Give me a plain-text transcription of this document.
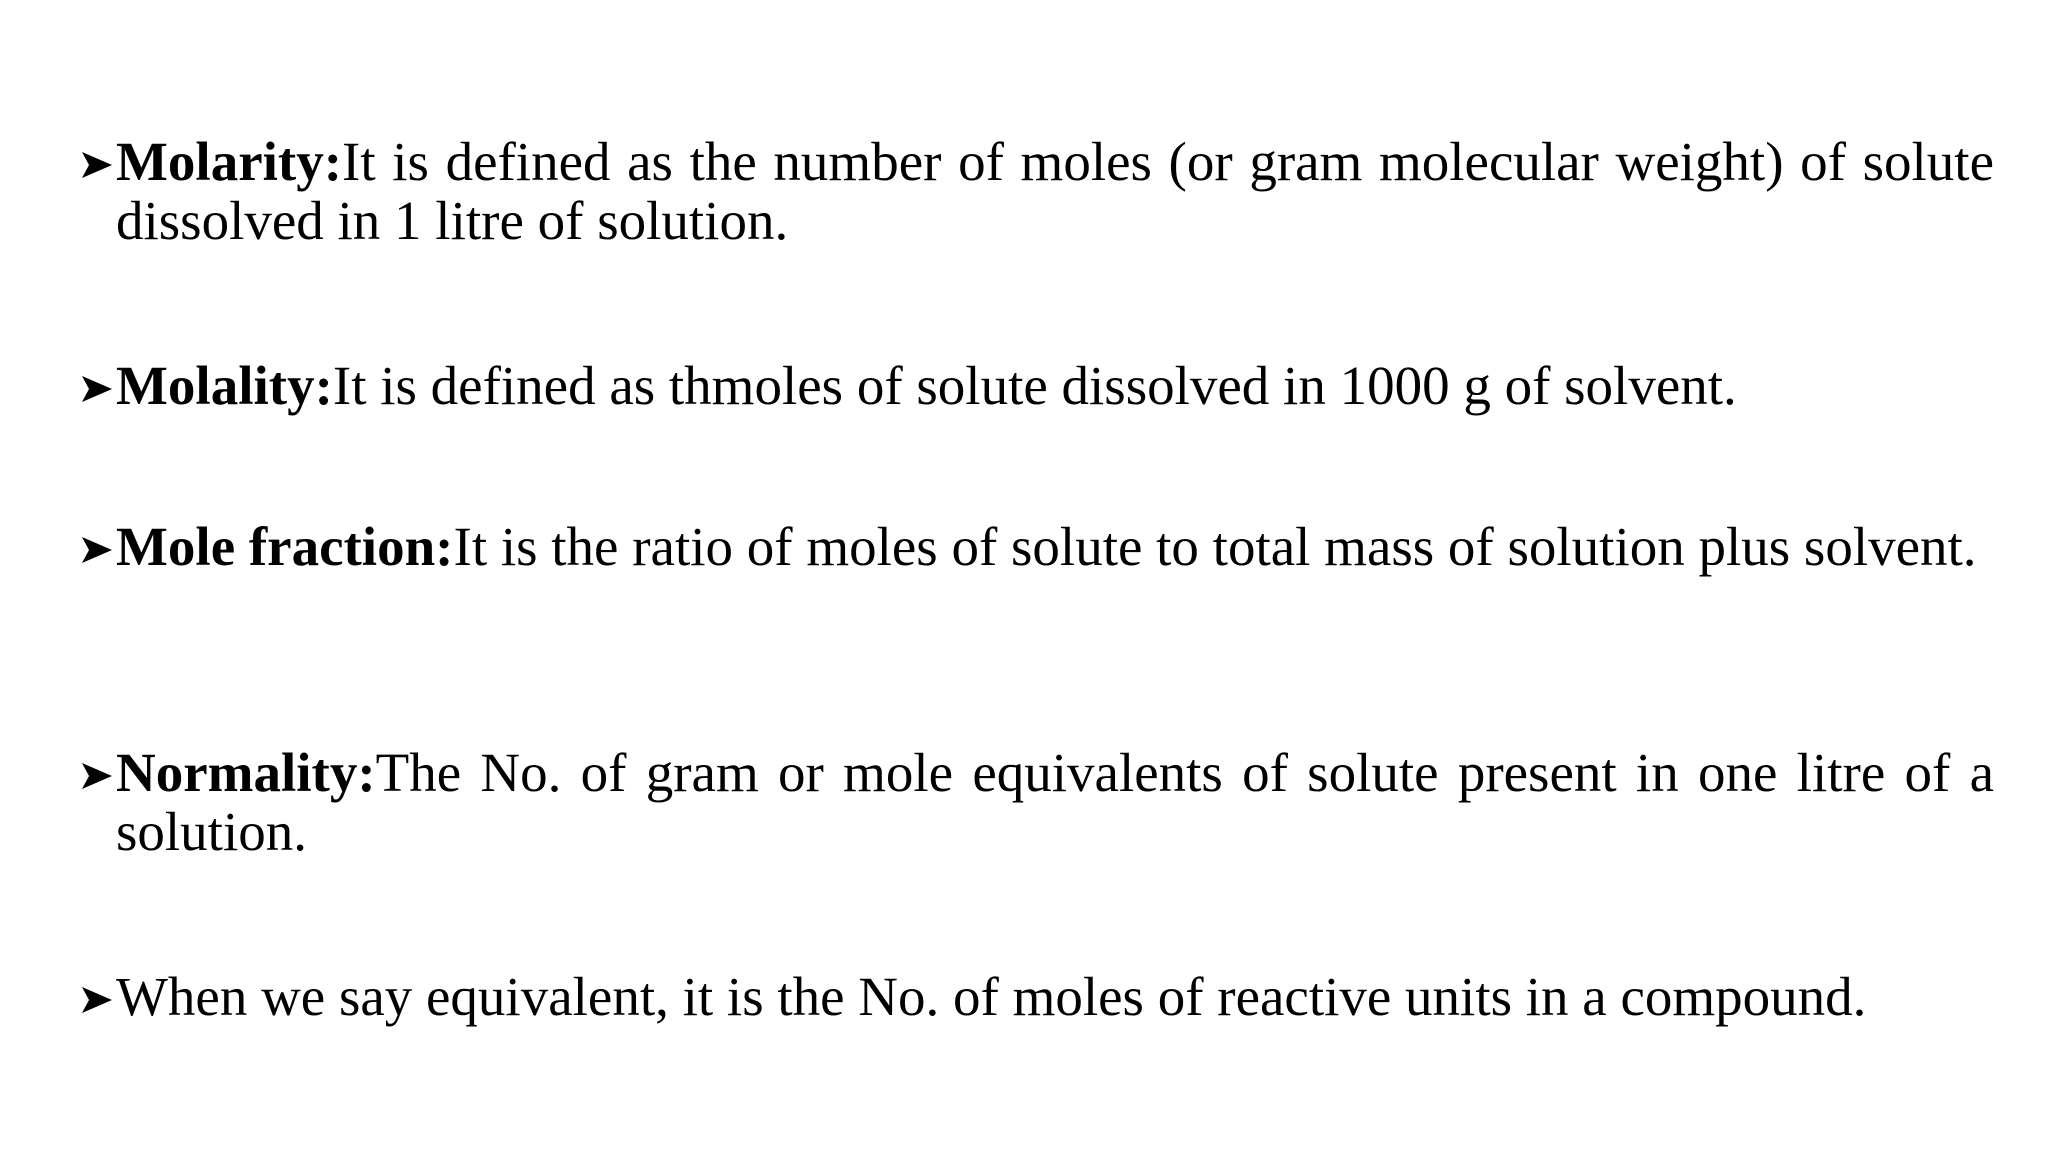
Molarity:It is defined as the number of moles (or gram molecular weight) of solute dissolved in 1 litre of solution.
Molality:It is defined as thmoles of solute dissolved in 1000 g of solvent.
Mole fraction:It is the ratio of moles of solute to total mass of solution plus solvent.
Normality:The No. of gram or mole equivalents of solute present in one litre of a solution.
When we say equivalent, it is the No. of moles of reactive units in a compound.
